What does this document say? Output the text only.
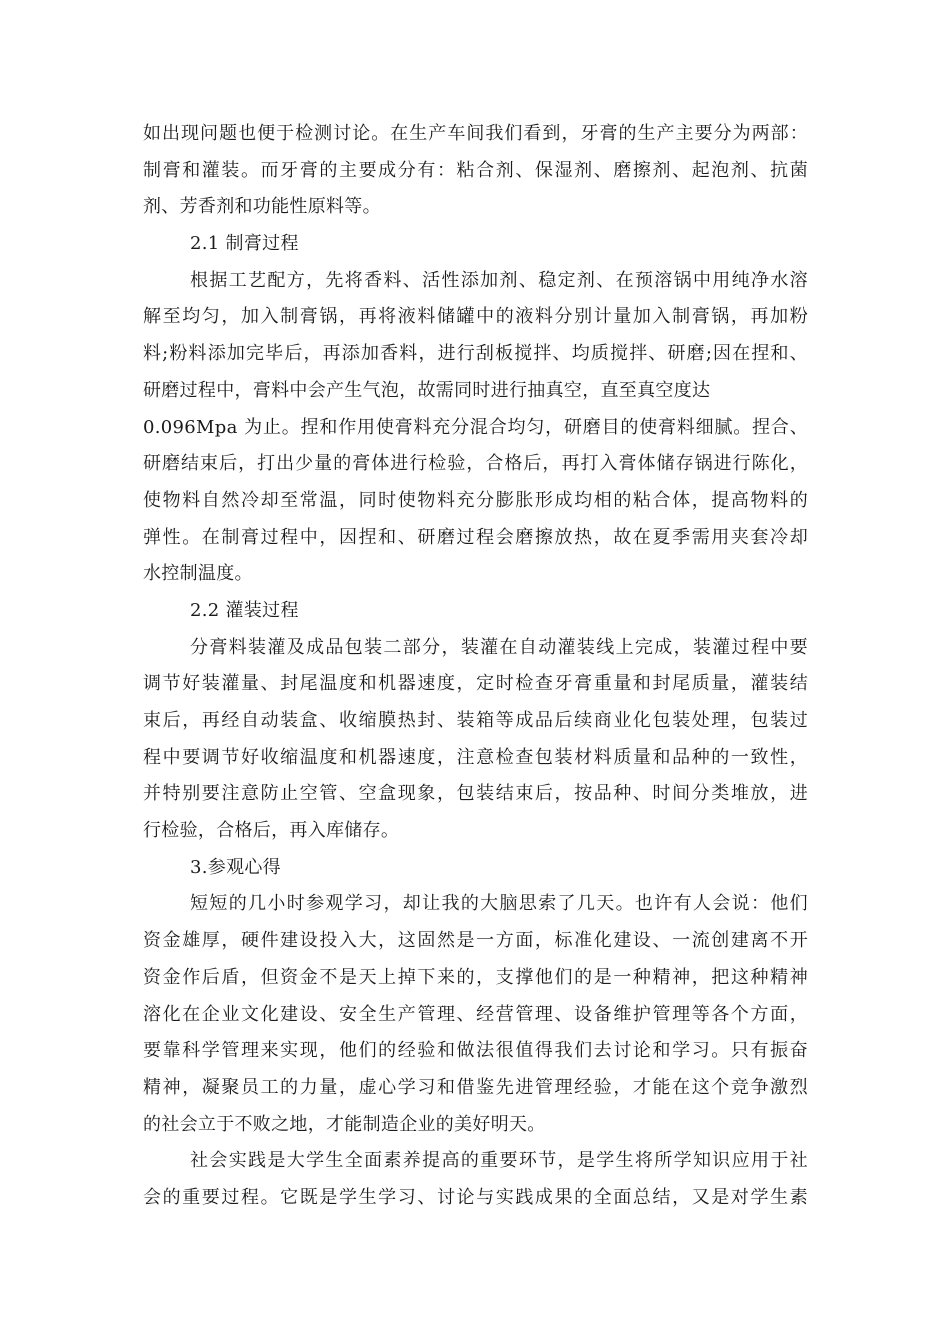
如出现问题也便于检测讨论。在生产车间我们看到，牙膏的生产主要分为两部：
制膏和灌装。而牙膏的主要成分有：粘合剂、保湿剂、磨擦剂、起泡剂、抗菌
剂、芳香剂和功能性原料等。
2.1 制膏过程
根据工艺配方，先将香料、活性添加剂、稳定剂、在预溶锅中用纯净水溶
解至均匀，加入制膏锅，再将液料储罐中的液料分别计量加入制膏锅，再加粉
料;粉料添加完毕后，再添加香料，进行刮板搅拌、均质搅拌、研磨;因在捏和、
研磨过程中，膏料中会产生气泡，故需同时进行抽真空，直至真空度达
0.096Mpa 为止。捏和作用使膏料充分混合均匀，研磨目的使膏料细腻。捏合、
研磨结束后，打出少量的膏体进行检验，合格后，再打入膏体储存锅进行陈化，
使物料自然冷却至常温，同时使物料充分膨胀形成均相的粘合体，提高物料的
弹性。在制膏过程中，因捏和、研磨过程会磨擦放热，故在夏季需用夹套冷却
水控制温度。
2.2 灌装过程
分膏料装灌及成品包装二部分，装灌在自动灌装线上完成，装灌过程中要
调节好装灌量、封尾温度和机器速度，定时检查牙膏重量和封尾质量，灌装结
束后，再经自动装盒、收缩膜热封、装箱等成品后续商业化包装处理，包装过
程中要调节好收缩温度和机器速度，注意检查包装材料质量和品种的一致性，
并特别要注意防止空管、空盒现象，包装结束后，按品种、时间分类堆放，进
行检验，合格后，再入库储存。
3.参观心得
短短的几小时参观学习，却让我的大脑思索了几天。也许有人会说：他们
资金雄厚，硬件建设投入大，这固然是一方面，标准化建设、一流创建离不开
资金作后盾，但资金不是天上掉下来的，支撑他们的是一种精神，把这种精神
溶化在企业文化建设、安全生产管理、经营管理、设备维护管理等各个方面，
要靠科学管理来实现，他们的经验和做法很值得我们去讨论和学习。只有振奋
精神，凝聚员工的力量，虚心学习和借鉴先进管理经验，才能在这个竞争激烈
的社会立于不败之地，才能制造企业的美好明天。
社会实践是大学生全面素养提高的重要环节，是学生将所学知识应用于社
会的重要过程。它既是学生学习、讨论与实践成果的全面总结，又是对学生素
